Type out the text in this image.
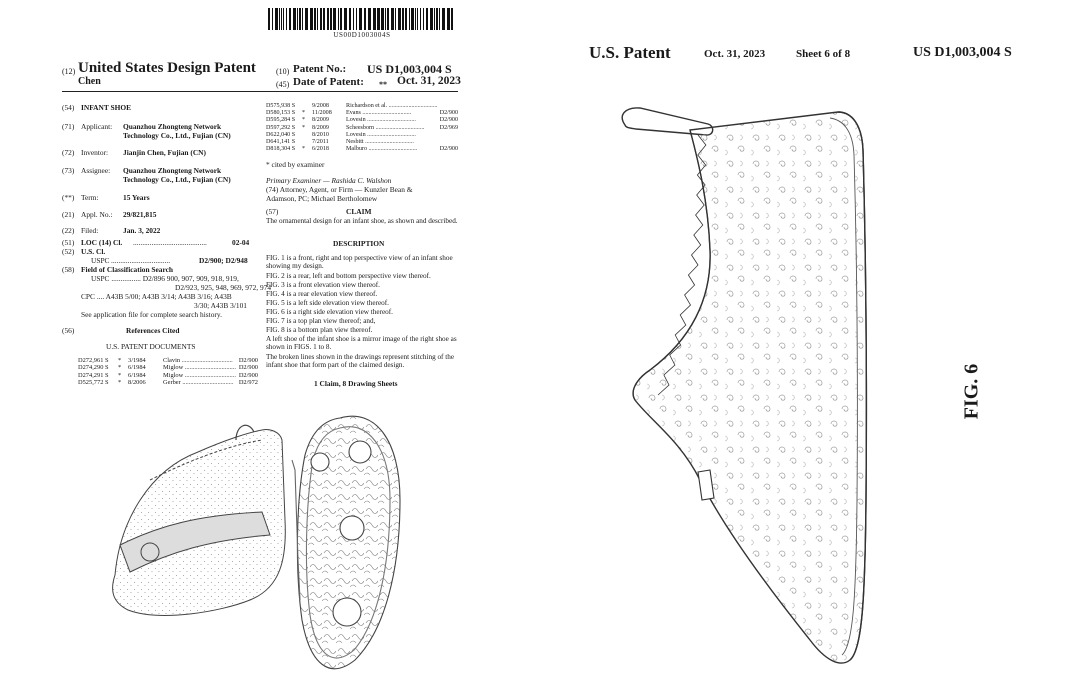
US00D1003004S
(12) United States Design Patent	(10) Patent No.: US D1,003,004 S
Chen	(45) Date of Patent: ** Oct. 31, 2023
(54) INFANT SHOE
(71) Applicant: Quanzhou Zhongteng Network
Technology Co., Ltd., Fujian (CN)
(72) Inventor: Jianjin Chen, Fujian (CN)
(73) Assignee: Quanzhou Zhongteng Network
Technology Co., Ltd., Fujian (CN)
(**) Term:	15 Years
(21) Appl. No.: 29/821,815
(22) Filed:	Jan. 3, 2022
(51) LOC (14) Cl. ........................................	02-04
(52) U.S. Cl.
USPC ................................	D2/900; D2/948
(58) Field of Classification Search
USPC ................ D2/896 900, 907, 909, 918, 919,
D2/923, 925, 948, 969, 972, 974
CPC .... A43B 5/00; A43B 3/14; A43B 3/16; A43B
3/30; A43B 3/101
See application file for complete search history.
(56)	References Cited
U.S. PATENT DOCUMENTS
D272,961 S	*	3/1984	Clavin ................................ D2/900
D274,290 S	*	6/1984	Miglow ................................ D2/900
D274,291 S	*	6/1984	Miglow ................................ D2/900
D525,772 S	*	8/2006	Gerber ................................ D2/972
D575,938 S	9/2008	Richardson et al. ................................
D580,153 S	*	11/2008	Evans ................................	D2/900
D595,284 S	*	8/2009	Lovesin ................................	D2/900
D597,292 S	*	8/2009	Scheesborn ................................	D2/969
D622,040 S	8/2010	Lovesin ................................
D641,141 S	7/2011	Nesbitt ................................
D818,304 S	*	6/2018	Malburo ................................	D2/900
* cited by examiner
Primary Examiner — Rashida C. Walshon
(74) Attorney, Agent, or Firm — Kunzler Bean &
Adamson, PC; Michael Bertholomew
(57)	CLAIM
The ornamental design for an infant shoe, as shown and described.
DESCRIPTION
FIG. 1 is a front, right and top perspective view of an infant shoe showing my design.
FIG. 2 is a rear, left and bottom perspective view thereof.
FIG. 3 is a front elevation view thereof.
FIG. 4 is a rear elevation view thereof.
FIG. 5 is a left side elevation view thereof.
FIG. 6 is a right side elevation view thereof.
FIG. 7 is a top plan view thereof; and,
FIG. 8 is a bottom plan view thereof.
A left shoe of the infant shoe is a mirror image of the right shoe as shown in FIGS. 1 to 8.
The broken lines shown in the drawings represent stitching of the infant shoe that form part of the claimed design.
1 Claim, 8 Drawing Sheets
U.S. Patent	Oct. 31, 2023	Sheet 6 of 8	US D1,003,004 S
FIG. 6
